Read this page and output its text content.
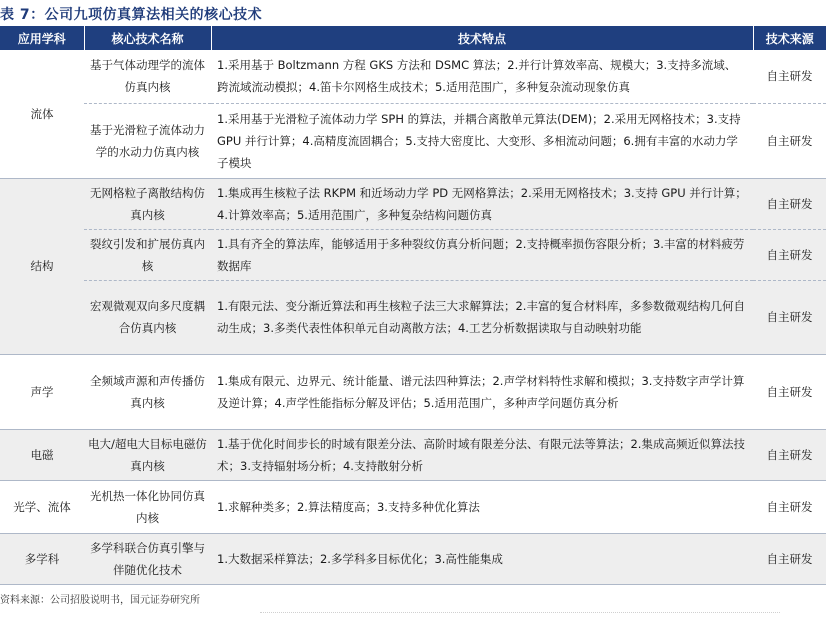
表 7：公司九项仿真算法相关的核心技术
应用学科	核心技术名称	技术特点	技术来源
流体	基于气体动理学的流体仿真内核	1.采用基于 Boltzmann 方程 GKS 方法和 DSMC 算法；2.并行计算效率高、规模大；3.支持多流域、跨流域流动模拟；4.笛卡尔网格生成技术；5.适用范围广，多种复杂流动现象仿真	自主研发
	基于光滑粒子流体动力学的水动力仿真内核	1.采用基于光滑粒子流体动力学 SPH 的算法，并耦合离散单元算法(DEM)；2.采用无网格技术；3.支持 GPU 并行计算；4.高精度流固耦合；5.支持大密度比、大变形、多相流动问题；6.拥有丰富的水动力学子模块	自主研发
结构	无网格粒子离散结构仿真内核	1.集成再生核粒子法 RKPM 和近场动力学 PD 无网格算法；2.采用无网格技术；3.支持 GPU 并行计算；4.计算效率高；5.适用范围广，多种复杂结构问题仿真	自主研发
	裂纹引发和扩展仿真内核	1.具有齐全的算法库，能够适用于多种裂纹仿真分析问题；2.支持概率损伤容限分析；3.丰富的材料疲劳数据库	自主研发
	宏观微观双向多尺度耦合仿真内核	1.有限元法、变分渐近算法和再生核粒子法三大求解算法；2.丰富的复合材料库，多参数微观结构几何自动生成；3.多类代表性体积单元自动离散方法；4.工艺分析数据读取与自动映射功能	自主研发
声学	全频域声源和声传播仿真内核	1.集成有限元、边界元、统计能量、谱元法四种算法；2.声学材料特性求解和模拟；3.支持数字声学计算及逆计算；4.声学性能指标分解及评估；5.适用范围广，多种声学问题仿真分析	自主研发
电磁	电大/超电大目标电磁仿真内核	1.基于优化时间步长的时域有限差分法、高阶时域有限差分法、有限元法等算法；2.集成高频近似算法技术；3.支持辐射场分析；4.支持散射分析	自主研发
光学、流体	光机热一体化协同仿真内核	1.求解种类多；2.算法精度高；3.支持多种优化算法	自主研发
多学科	多学科联合仿真引擎与伴随优化技术	1.大数据采样算法；2.多学科多目标优化；3.高性能集成	自主研发
资料来源：公司招股说明书，国元证券研究所
